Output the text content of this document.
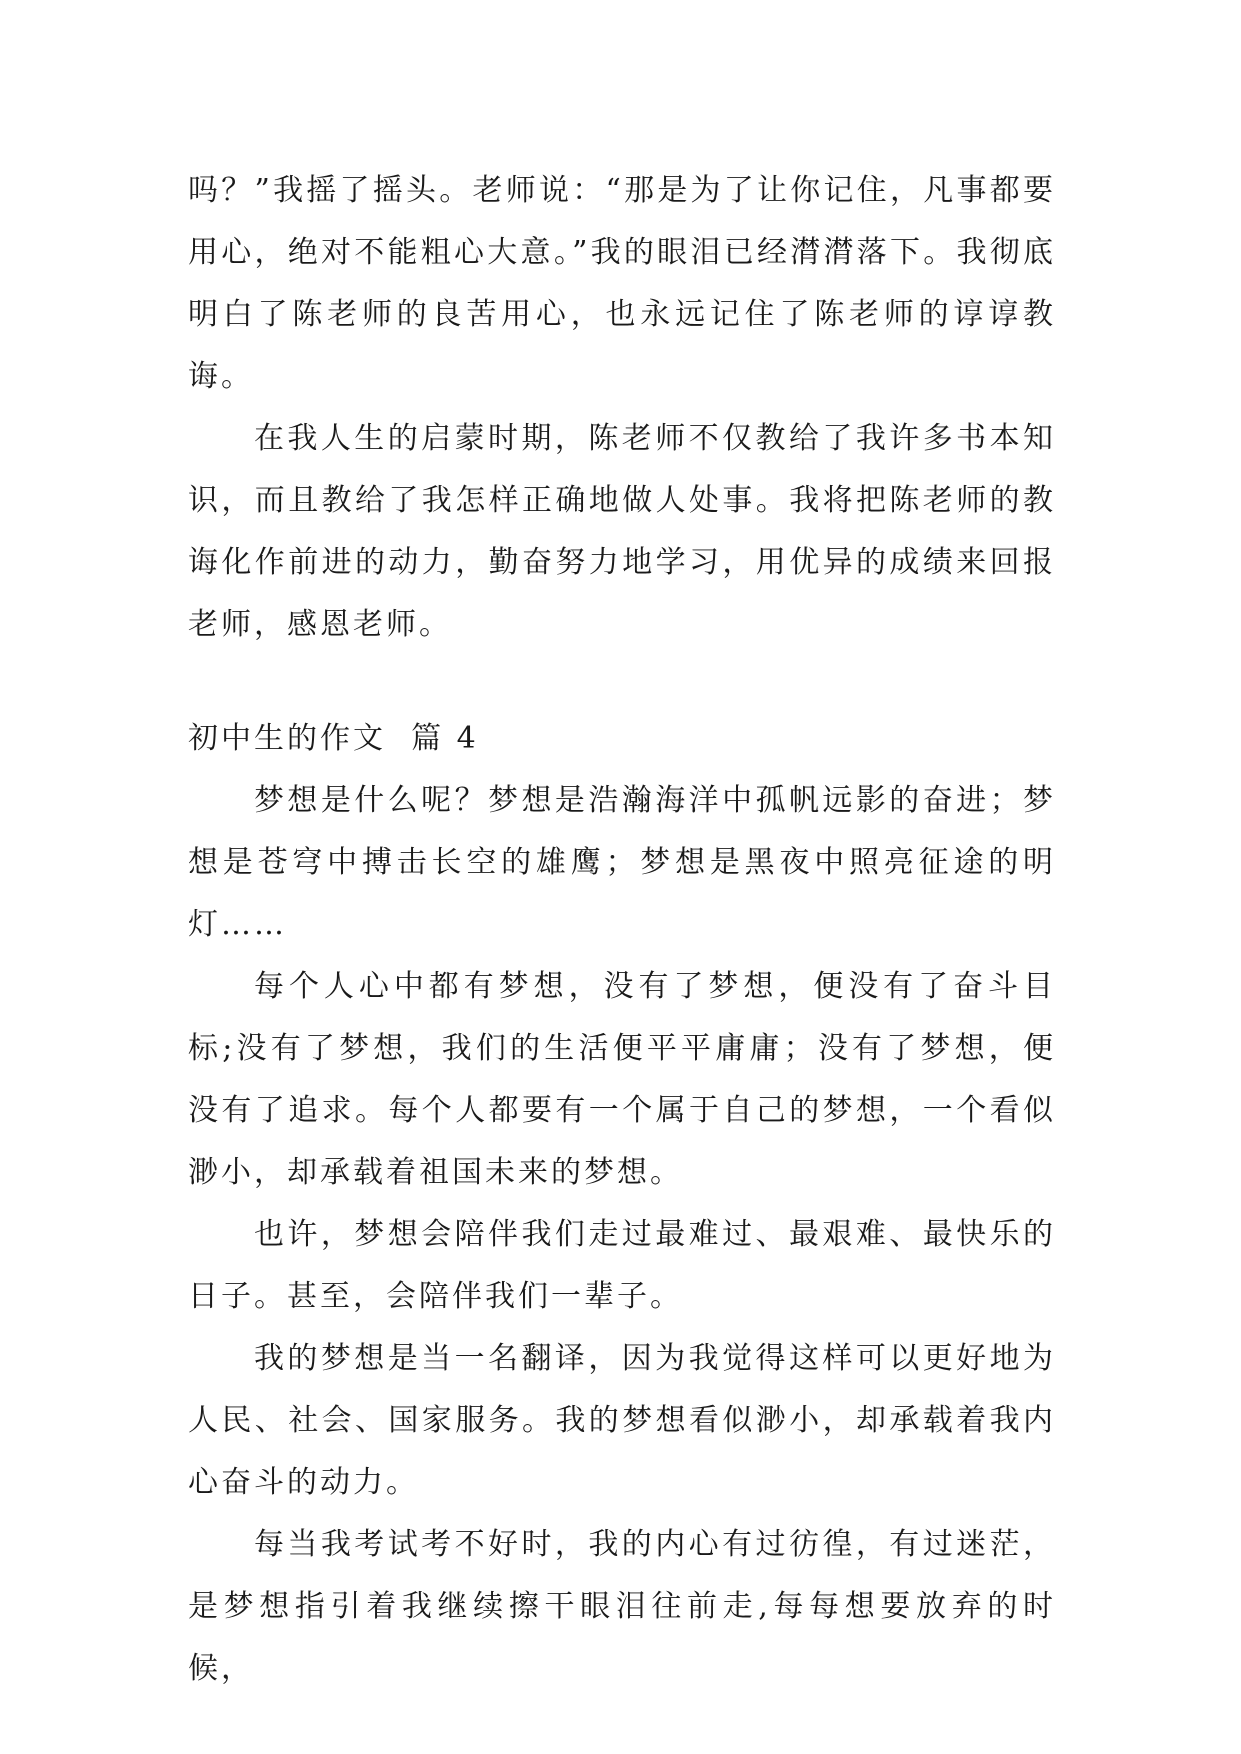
吗？”我摇了摇头。老师说：“那是为了让你记住，凡事都要用心，绝对不能粗心大意。”我的眼泪已经潸潸落下。我彻底明白了陈老师的良苦用心，也永远记住了陈老师的谆谆教诲。

在我人生的启蒙时期，陈老师不仅教给了我许多书本知识，而且教给了我怎样正确地做人处事。我将把陈老师的教诲化作前进的动力，勤奋努力地学习，用优异的成绩来回报老师，感恩老师。

初中生的作文  篇 4

梦想是什么呢？梦想是浩瀚海洋中孤帆远影的奋进；梦想是苍穹中搏击长空的雄鹰；梦想是黑夜中照亮征途的明灯……

每个人心中都有梦想，没有了梦想，便没有了奋斗目标;没有了梦想，我们的生活便平平庸庸；没有了梦想，便没有了追求。每个人都要有一个属于自己的梦想，一个看似渺小，却承载着祖国未来的梦想。

也许，梦想会陪伴我们走过最难过、最艰难、最快乐的日子。甚至，会陪伴我们一辈子。

我的梦想是当一名翻译，因为我觉得这样可以更好地为人民、社会、国家服务。我的梦想看似渺小，却承载着我内心奋斗的动力。

每当我考试考不好时，我的内心有过彷徨，有过迷茫，是梦想指引着我继续擦干眼泪往前走,每每想要放弃的时候，
